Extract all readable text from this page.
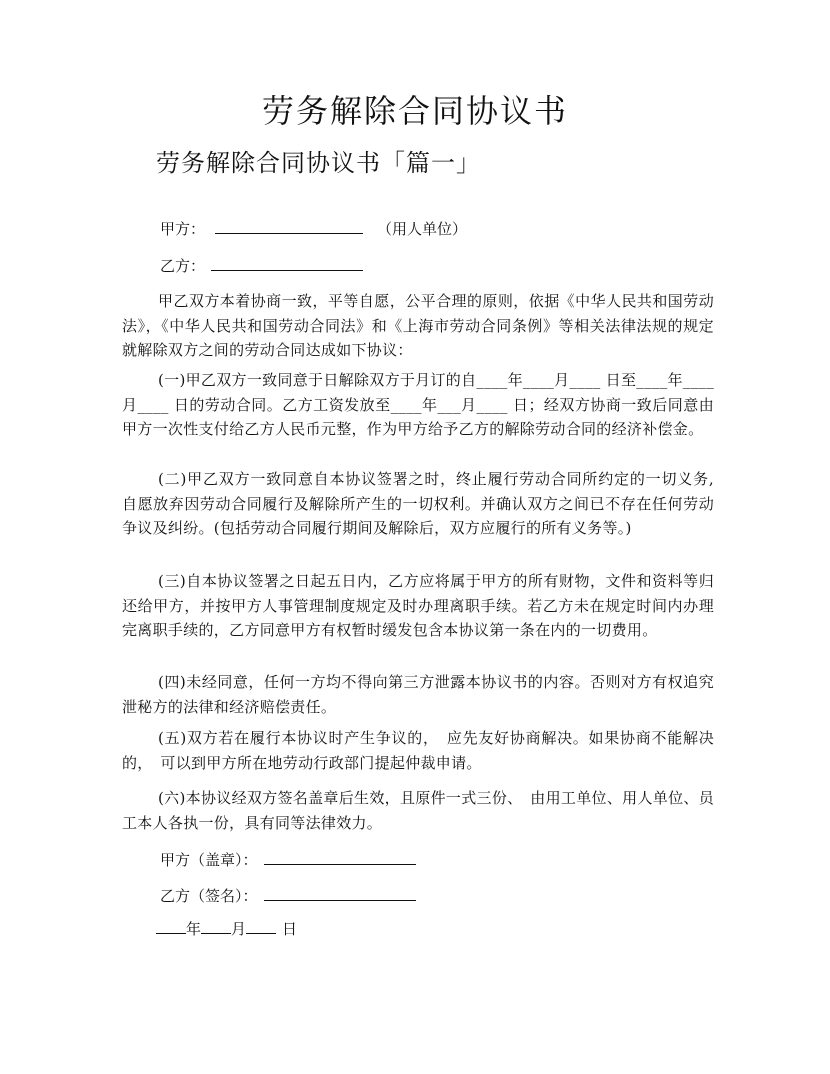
劳务解除合同协议书
劳务解除合同协议书「篇一」
甲方：	（用人单位）
乙方：
甲乙双方本着协商一致，平等自愿，公平合理的原则，依据《中华人民共和国劳动法》，《中华人民共和国劳动合同法》和《上海市劳动合同条例》等相关法律法规的规定就解除双方之间的劳动合同达成如下协议：
(一)甲乙双方一致同意于日解除双方于月订的自____年____月____ 日至____年____月____ 日的劳动合同。乙方工资发放至____年___月____ 日；经双方协商一致后同意由甲方一次性支付给乙方人民币元整，作为甲方给予乙方的解除劳动合同的经济补偿金。
(二)甲乙双方一致同意自本协议签署之时，终止履行劳动合同所约定的一切义务, 自愿放弃因劳动合同履行及解除所产生的一切权利。并确认双方之间已不存在任何劳动争议及纠纷。(包括劳动合同履行期间及解除后，双方应履行的所有义务等。)
(三)自本协议签署之日起五日内，乙方应将属于甲方的所有财物，文件和资料等归还给甲方，并按甲方人事管理制度规定及时办理离职手续。若乙方未在规定时间内办理完离职手续的，乙方同意甲方有权暂时缓发包含本协议第一条在内的一切费用。
(四)未经同意，任何一方均不得向第三方泄露本协议书的内容。否则对方有权追究泄秘方的法律和经济赔偿责任。
(五)双方若在履行本协议时产生争议的，　应先友好协商解决。如果协商不能解决的，　可以到甲方所在地劳动行政部门提起仲裁申请。
(六)本协议经双方签名盖章后生效，且原件一式三份、　由用工单位、用人单位、员工本人各执一份，具有同等法律效力。
甲方（盖章）：
乙方（签名）：
年 月 日
